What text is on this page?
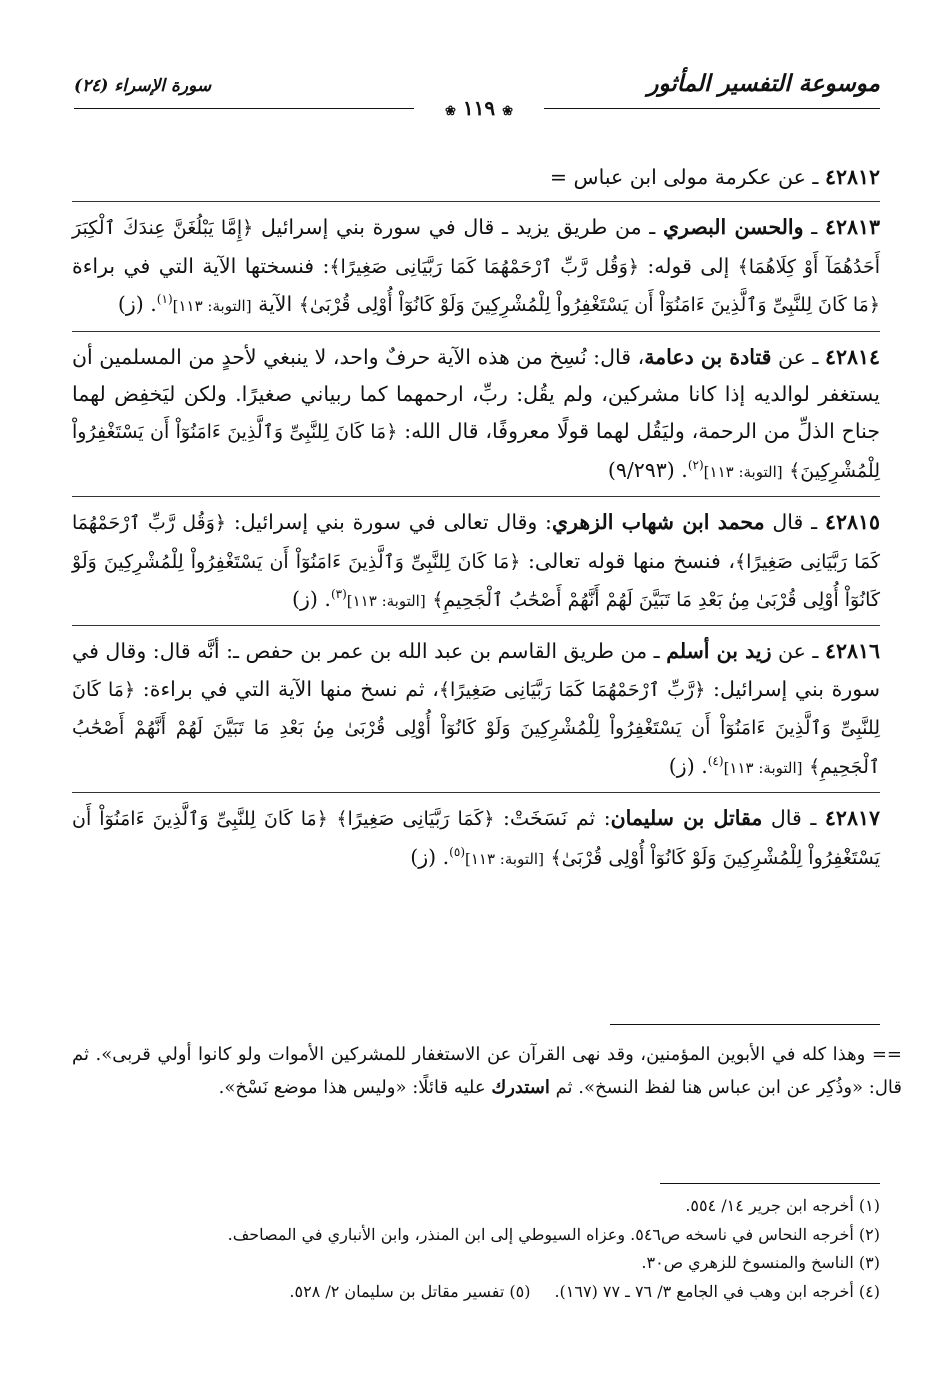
موسوعة التفسير المأثور
سورة الإسراء (٢٤)
❀ ١١٩ ❀

٤٢٨١٢ ـ عن عكرمة مولى ابن عباس =

٤٢٨١٣ ـ والحسن البصري ـ من طريق يزيد ـ قال في سورة بني إسرائيل ﴿إِمَّا يَبْلُغَنَّ عِندَكَ ٱلْكِبَرَ أَحَدُهُمَآ أَوْ كِلَاهُمَا﴾ إلى قوله: ﴿وَقُل رَّبِّ ٱرْحَمْهُمَا كَمَا رَبَّيَانِى صَغِيرًا﴾: فنسختها الآية التي في براءة ﴿مَا كَانَ لِلنَّبِىِّ وَٱلَّذِينَ ءَامَنُوٓاْ أَن يَسْتَغْفِرُواْ لِلْمُشْرِكِينَ وَلَوْ كَانُوٓاْ أُوْلِى قُرْبَىٰ﴾ الآية [التوبة: ١١٣]$^{(١)}$. (ز)

٤٢٨١٤ ـ عن قتادة بن دعامة، قال: نُسِخ من هذه الآية حرفٌ واحد، لا ينبغي لأحدٍ من المسلمين أن يستغفر لوالديه إذا كانا مشركين، ولم يقُل: ربِّ، ارحمهما كما ربياني صغيرًا. ولكن ليَخفِض لهما جناح الذلِّ من الرحمة، وليَقُل لهما قولًا معروفًا، قال الله: ﴿مَا كَانَ لِلنَّبِىِّ وَٱلَّذِينَ ءَامَنُوٓاْ أَن يَسْتَغْفِرُواْ لِلْمُشْرِكِينَ﴾ [التوبة: ١١٣]$^{(٢)}$. (٩/٢٩٣)

٤٢٨١٥ ـ قال محمد ابن شهاب الزهري: وقال تعالى في سورة بني إسرائيل: ﴿وَقُل رَّبِّ ٱرْحَمْهُمَا كَمَا رَبَّيَانِى صَغِيرًا﴾، فنسخ منها قوله تعالى: ﴿مَا كَانَ لِلنَّبِىِّ وَٱلَّذِينَ ءَامَنُوٓاْ أَن يَسْتَغْفِرُواْ لِلْمُشْرِكِينَ وَلَوْ كَانُوٓاْ أُوْلِى قُرْبَىٰ مِنۢ بَعْدِ مَا تَبَيَّنَ لَهُمْ أَنَّهُمْ أَصْحَٰبُ ٱلْجَحِيمِ﴾ [التوبة: ١١٣]$^{(٣)}$. (ز)

٤٢٨١٦ ـ عن زيد بن أسلم ـ من طريق القاسم بن عبد الله بن عمر بن حفص ـ: أنَّه قال: وقال في سورة بني إسرائيل: ﴿رَّبِّ ٱرْحَمْهُمَا كَمَا رَبَّيَانِى صَغِيرًا﴾، ثم نسخ منها الآية التي في براءة: ﴿مَا كَانَ لِلنَّبِىِّ وَٱلَّذِينَ ءَامَنُوٓاْ أَن يَسْتَغْفِرُواْ لِلْمُشْرِكِينَ وَلَوْ كَانُوٓاْ أُوْلِى قُرْبَىٰ مِنۢ بَعْدِ مَا تَبَيَّنَ لَهُمْ أَنَّهُمْ أَصْحَٰبُ ٱلْجَحِيمِ﴾ [التوبة: ١١٣]$^{(٤)}$. (ز)

٤٢٨١٧ ـ قال مقاتل بن سليمان: ثم نَسَخَتْ: ﴿كَمَا رَبَّيَانِى صَغِيرًا﴾ ﴿مَا كَانَ لِلنَّبِىِّ وَٱلَّذِينَ ءَامَنُوٓاْ أَن يَسْتَغْفِرُواْ لِلْمُشْرِكِينَ وَلَوْ كَانُوٓاْ أُوْلِى قُرْبَىٰ﴾ [التوبة: ١١٣]$^{(٥)}$. (ز)

== وهذا كله في الأبوين المؤمنين، وقد نهى القرآن عن الاستغفار للمشركين الأموات ولو كانوا أولي قربى». ثم قال: «وذُكِر عن ابن عباس هنا لفظ النسخ». ثم استدرك عليه قائلًا: «وليس هذا موضع نَسْخ».
(١) أخرجه ابن جرير ١٤/ ٥٥٤.
(٢) أخرجه النحاس في ناسخه ص٥٤٦. وعزاه السيوطي إلى ابن المنذر، وابن الأنباري في المصاحف.
(٣) الناسخ والمنسوخ للزهري ص٣٠.
(٤) أخرجه ابن وهب في الجامع ٣/ ٧٦ ـ ٧٧ (١٦٧).(٥) تفسير مقاتل بن سليمان ٢/ ٥٢٨.
